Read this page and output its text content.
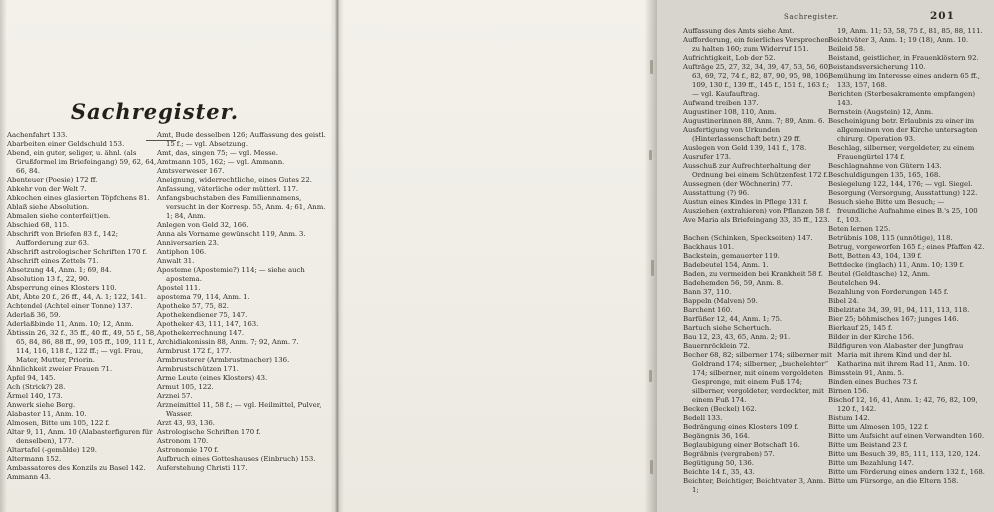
Sachregister.

Aachenfahrt 133.

Abarbeiten einer Geldschuld 153.

Abend, ein guter, seliger, u. ähnl. (als Grußformel im Briefeingang) 59, 62, 64, 66, 84.

Abenteuer (Poesie) 172 ff.

Abkehr von der Welt 7.

Abkochen eines glasierten Töpfchens 81.

Ablaß siehe Absolution.

Abmalen siehe conterfei(t)en.

Abschied 68, 115.

Abschrift von Briefen 83 f., 142; Aufforderung zur 63.

Abschrift astrologischer Schriften 170 f.

Abschrift eines Zettels 71.

Absetzung 44, Anm. 1; 69, 84.

Absolution 13 f., 22, 90.

Absperrung eines Klosters 110.

Abt, Äbte 20 f., 26 ff., 44, A. 1; 122, 141.

Achtendel (Achtel einer Tonne) 137.

Aderlaß 36, 59.

Aderlaßbinde 11, Anm. 10; 12, Anm.

Äbtissin 26, 32 f., 35 ff., 40 ff., 49, 55 f., 58, 65, 84, 86, 88 ff., 99, 105 ff., 109, 111 f., 114, 116, 118 f., 122 ff.; — vgl. Frau, Mater, Mutter, Priorin.

Ähnlichkeit zweier Frauen 71.

Apfel 94, 145.

Ach (Strick?) 28.

Ärmel 140, 173.

Anwerk siehe Berg.

Alabaster 11, Anm. 10.

Almosen, Bitte um 105, 122 f.

Altar 9, 11, Anm. 10 (Alabasterfiguren für denselben), 177.

Altartafel (-gemälde) 129.

Altermann 152.

Ambassatores des Konzils zu Basel 142.

Ammann 43.

Amt, Bude desselben 126; Auffassung des geistl. 15 f.; — vgl. Absetzung.

Amt, das, singen 75; — vgl. Messe.

Amtmann 105, 162; — vgl. Ammann.

Amtsverweser 167.

Aneignung, widerrechtliche, eines Gutes 22.

Anfassung, väterliche oder mütterl. 117.

Anfangsbuchstaben des Familiennamens, versucht in der Korresp. 55, Anm. 4; 61, Anm. 1; 84, Anm.

Anlegen von Geld 32, 166.

Anna als Vorname gewünscht 119, Anm. 3.

Anniversarien 23.

Antiphon 106.

Anwalt 31.

Aposteme (Apostemie?) 114; — siehe auch apostema.

Apostel 111.

apostema 79, 114, Anm. 1.

Apotheke 57, 75, 82.

Apothekendiener 75, 147.

Apotheker 43, 111, 147, 163.

Apothekerrechnung 147.

Archidiakonissin 88, Anm. 7; 92, Anm. 7.

Armbrust 172 f., 177.

Armbrusterer (Armbrustmacher) 136.

Armbrustschützen 171.

Arme Leute (eines Klosters) 43.

Armut 105, 122.

Arznei 57.

Arzneimittel 11, 58 f.; — vgl. Heilmittel, Pulver, Wasser.

Arzt 43, 93, 136.

Astrologische Schriften 170 f.

Astronom 170.

Astronomie 170 f.

Aufbruch eines Gotteshauses (Einbruch) 153.

Auferstehung Christi 117.

Sachregister.	201

Auffassung des Amts siehe Amt.

Aufforderung, ein feierliches Versprechen zu halten 160; zum Widerruf 151.

Aufrichtigkeit, Lob der 52.

Aufträge 25, 27, 32, 34, 39, 47, 53, 56, 60, 63, 69, 72, 74 f., 82, 87, 90, 95, 98, 106, 109, 130 f., 139 ff., 145 f., 151 f., 163 f.; — vgl. Kaufauftrag.

Aufwand treiben 137.

Augustiner 108, 110, Anm.

Augustinerinnen 88, Anm. 7; 89, Anm. 6.

Ausfertigung von Urkunden (Hinterlassenschaft betr.) 29 ff.

Auslegen von Geld 139, 141 f., 178.

Ausrufer 173.

Ausschuß zur Aufrechterhaltung der Ordnung bei einem Schützenfest 172 f.

Aussegnen (der Wöchnerin) 77.

Ausstattung (?) 96.

Austun eines Kindes in Pflege 131 f.

Ausziehen (extrahieren) von Pflanzen 58 f.

Ave Maria als Briefeingang 33, 35 ff., 123.

Bachen (Schinken, Speckseiten) 147.

Backhaus 101.

Backstein, gemauerter 119.

Badebeutel 154, Anm. 1.

Baden, zu vermeiden bei Krankheit 58 f.

Badehemden 56, 59, Anm. 8.

Bann 37, 110.

Bappeln (Malven) 59.

Barchent 160.

Barfüßer 12, 44, Anm. 1; 75.

Bartuch siehe Schertuch.

Bau 12, 23, 43, 65, Anm. 2; 91.

Bauernröcklein 72.

Becher 68, 82; silberner 174; silberner mit Goldrand 174; silberner, „buchelehter“ 174; silberner, mit einem vergoldeten Gesprenge, mit einem Fuß 174; silberner, vergoldeter, verdeckter, mit einem Fuß 174.

Becken (Beckel) 162.

Bedell 133.

Bedrängung eines Klosters 109 f.

Begängnis 36, 164.

Beglaubigung einer Botschaft 16.

Begräbnis (vergraben) 57.

Begütigung 50, 136.

Beichte 14 f., 35, 43.

Beichter, Beichtiger, Beichtvater 3, Anm. 1;

19, Anm. 11; 53, 58, 75 f., 81, 85, 88, 111.

Beichtväter 3, Anm. 1; 19 (18), Anm. 10.

Beileid 58.

Beistand, geistlicher, in Frauenklöstern 92.

Beistandsversicherung 110.

Bemühung im Interesse eines andern 65 ff., 133, 157, 168.

Berichten (Sterbesakramente empfangen) 143.

Bernstein (Augstein) 12, Anm.

Bescheinigung betr. Erlaubnis zu einer im allgemeinen von der Kirche untersagten chirurg. Operation 93.

Beschlag, silberner, vergoldeter, zu einem Frauengürtel 174 f.

Beschlagnahme von Gütern 143.

Beschuldigungen 135, 165, 168.

Besiegelung 122, 144, 176; — vgl. Siegel.

Besorgung (Versorgung, Ausstattung) 122.

Besuch siehe Bitte um Besuch; — freundliche Aufnahme eines B.'s 25, 100 f., 103.

Beten lernen 125.

Betrübnis 108, 115 (unnötige), 118.

Betrug, vorgeworfen 165 f.; eines Pfaffen 42.

Bett, Betten 43, 104, 139 f.

Bettdecke (inglach) 11, Anm. 10; 139 f.

Beutel (Geldtasche) 12, Anm.

Beutelchen 94.

Bezahlung von Forderungen 145 f.

Bibel 24.

Bibelzitate 34, 39, 91, 94, 111, 113, 118.

Bier 25; böhmisches 167; junges 146.

Bierkauf 25, 145 f.

Bilder in der Kirche 156.

Bildfiguren von Alabaster der Jungfrau Maria mit ihrem Kind und der hl. Katharina mit ihrem Rad 11, Anm. 10.

Bimsstein 91, Anm. 5.

Binden eines Buches 73 f.

Birnen 156.

Bischof 12, 16, 41, Anm. 1; 42, 76, 82, 109, 120 f., 142.

Bistum 142.

Bitte um Almosen 105, 122 f.

Bitte um Aufsicht auf einen Verwandten 160.

Bitte um Beistand 23 f.

Bitte um Besuch 39, 85, 111, 113, 120, 124.

Bitte um Bezahlung 147.

Bitte um Förderung eines andern 132 f., 168.

Bitte um Fürsorge, an die Eltern 158.
